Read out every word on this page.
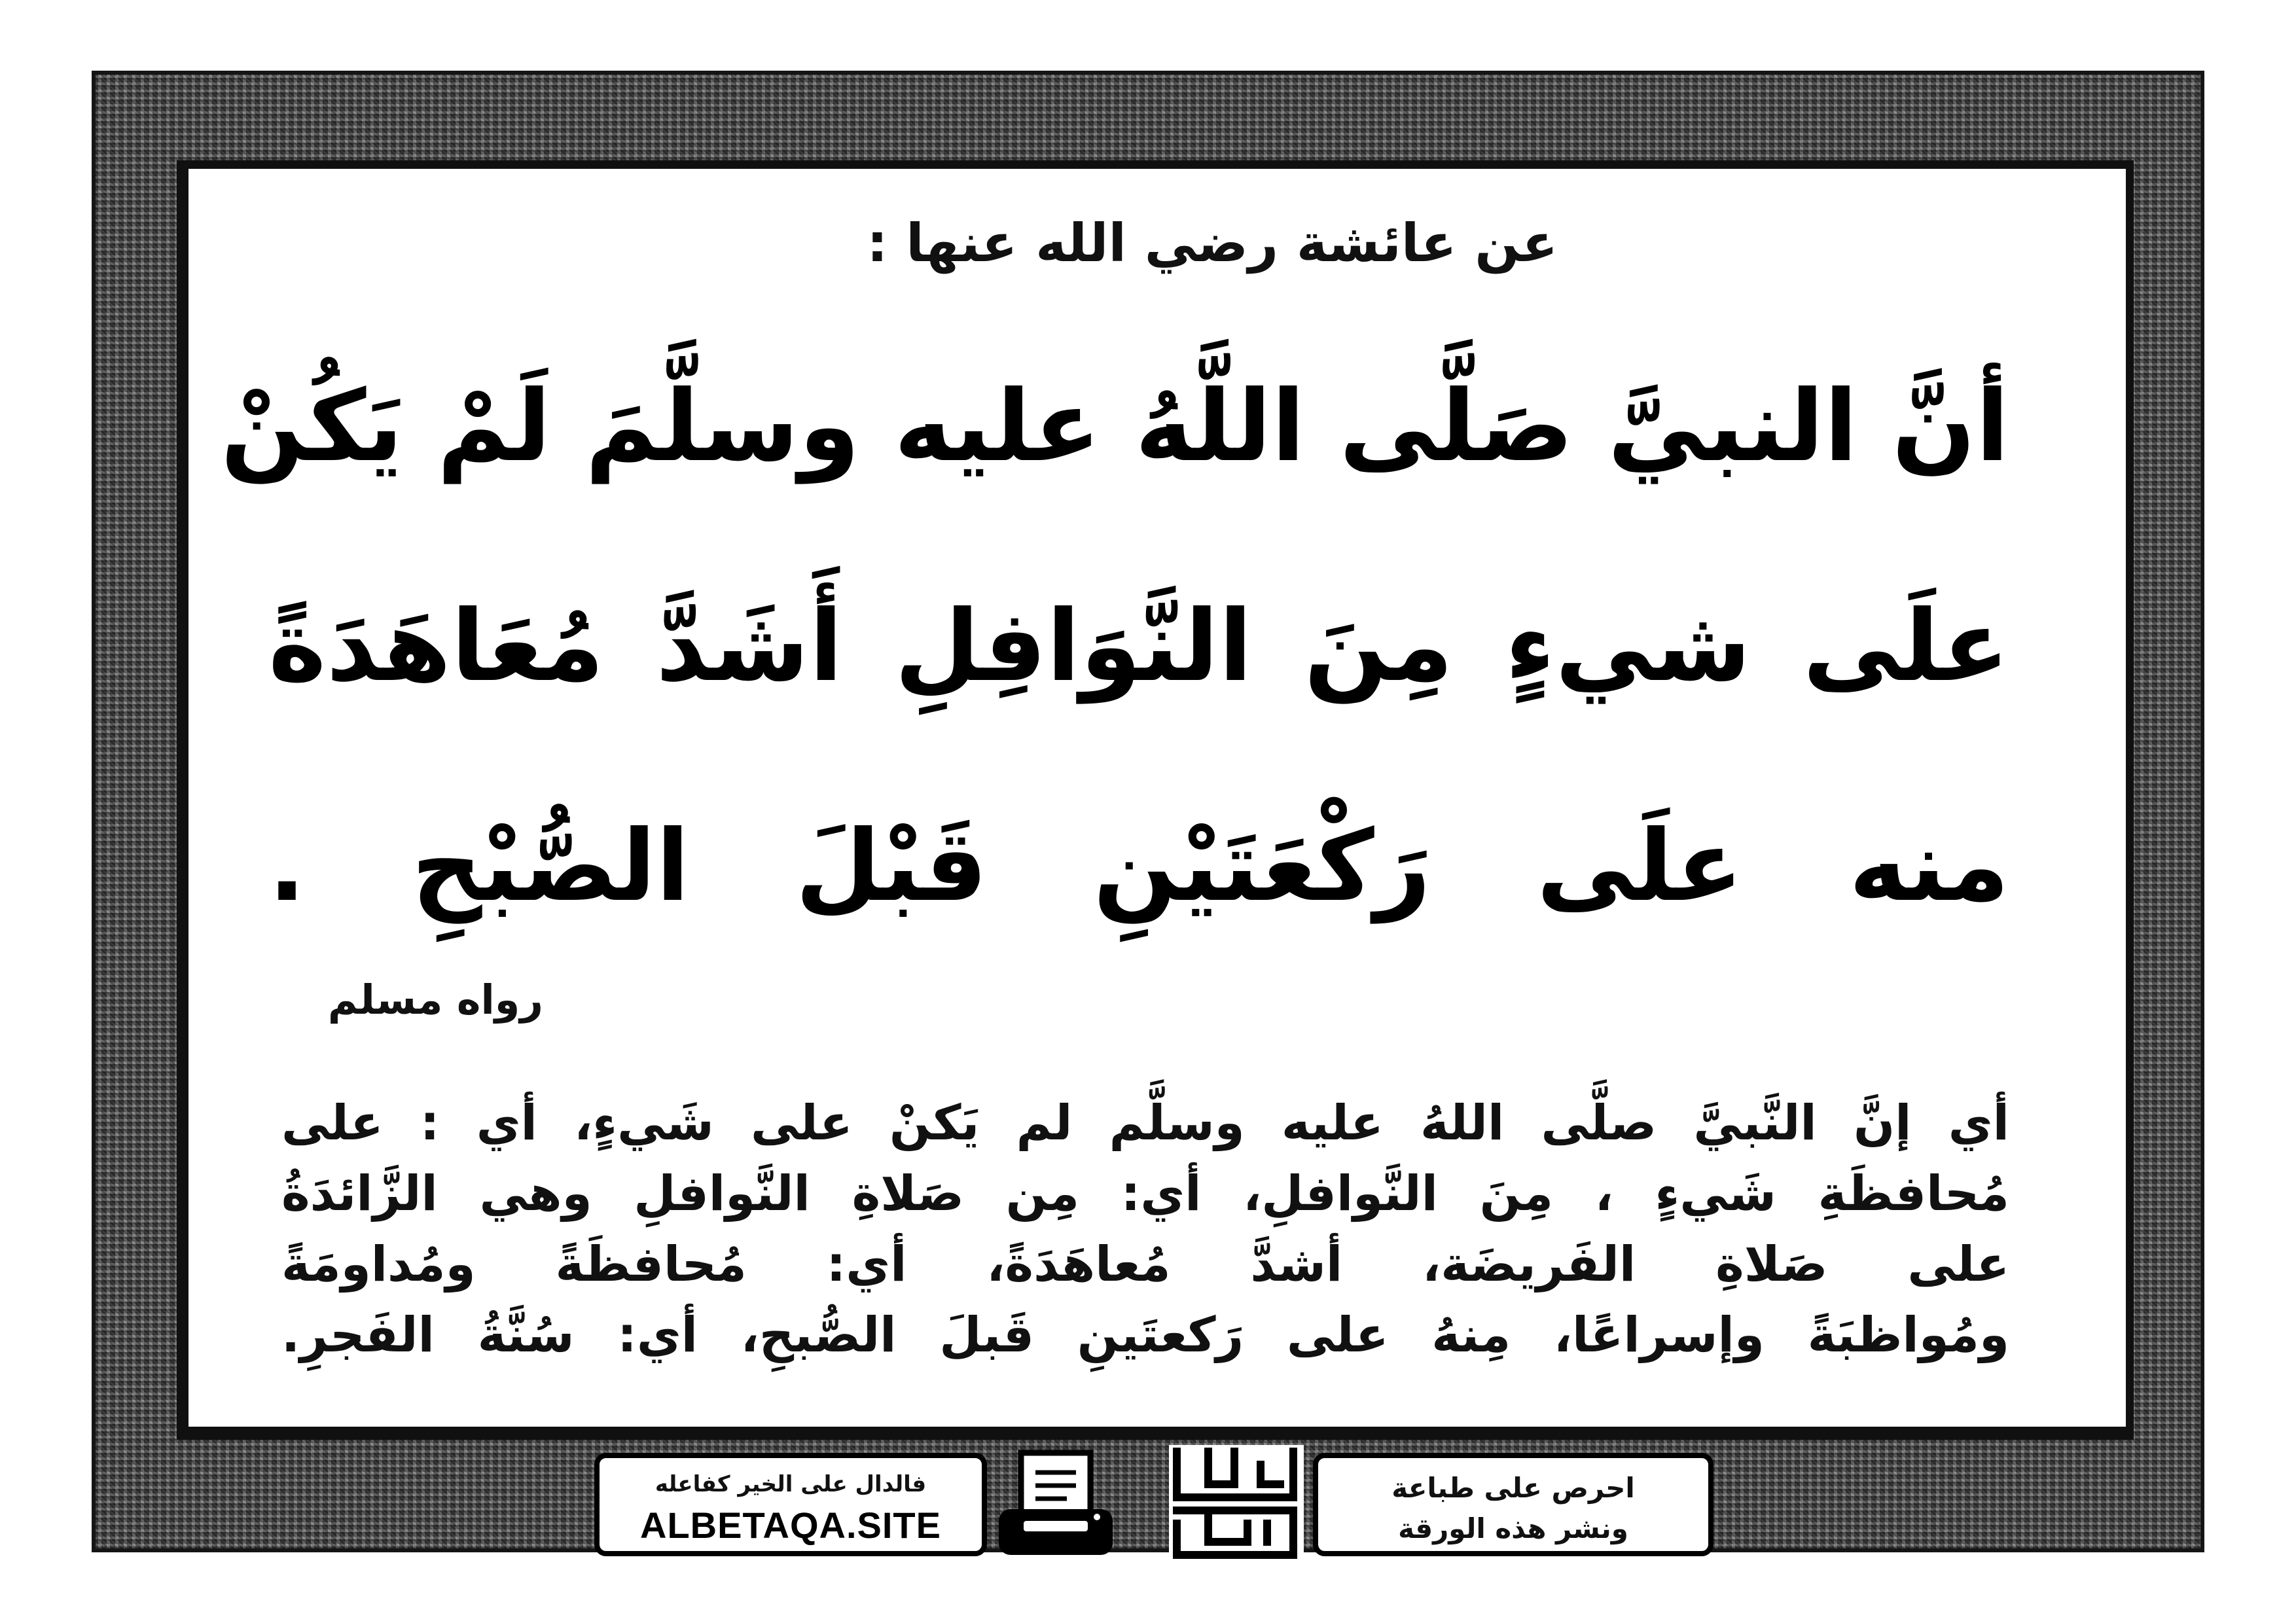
عن عائشة رضي الله عنها :
أنَّ النبيَّ صَلَّى اللَّهُ عليه وسلَّمَ لَمْ يَكُنْ
علَى شيءٍ مِنَ النَّوَافِلِ أَشَدَّ مُعَاهَدَةً
منه علَى رَكْعَتَيْنِ قَبْلَ الصُّبْحِ .
رواه مسلم
أي إنَّ النَّبيَّ صلَّى اللهُ عليه وسلَّم لم يَكنْ على شَيءٍ، أي : على
مُحافظَةِ شَيءٍ ، مِنَ النَّوافلِ، أي: مِن صَلاةِ النَّوافلِ وهي الزَّائدَةُ
على صَلاةِ الفَريضَة، أشدَّ مُعاهَدَةً، أي: مُحافظَةً ومُداومَةً
ومُواظبَةً وإسراعًا، مِنهُ على رَكعتَينِ قَبلَ الصُّبحِ، أي: سُنَّةُ الفَجرِ.
فالدال على الخير كفاعله
ALBETAQA.SITE
احرص على طباعة
ونشر هذه الورقة
